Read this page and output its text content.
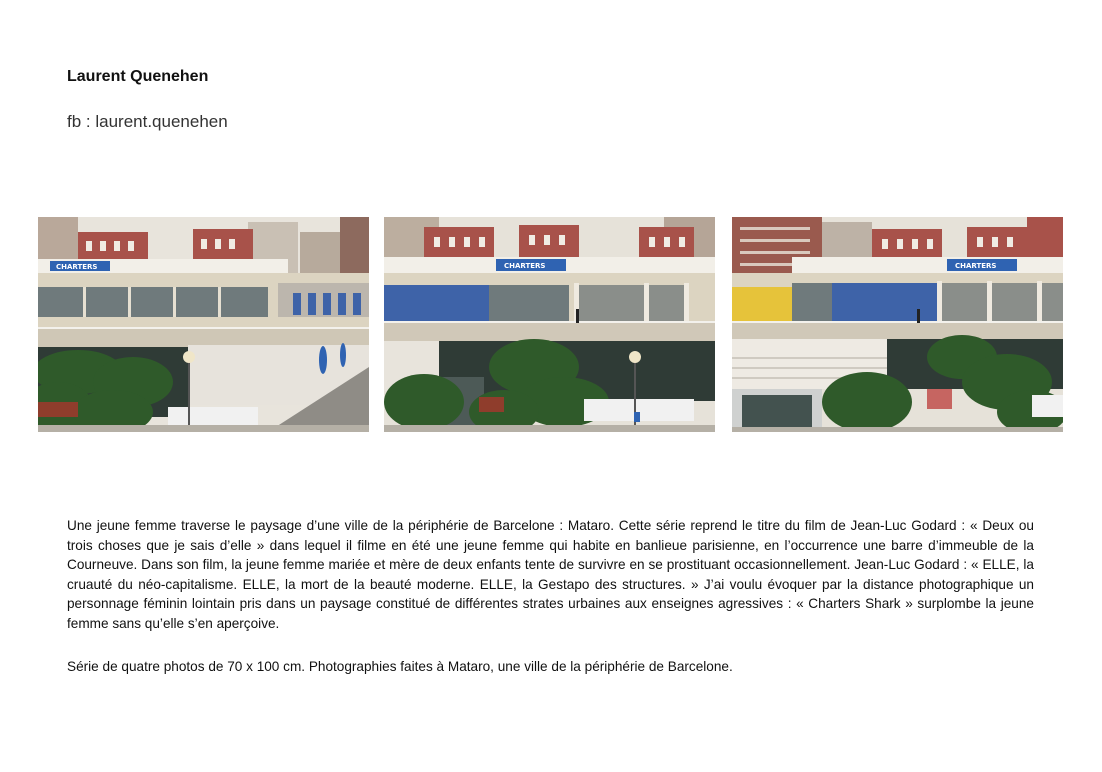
Laurent Quenehen

fb : laurent.quenehen

CHARTERS	CHARTERS	CHARTERS

Une jeune femme traverse le paysage d’une ville de la périphérie de Barcelone : Mataro. Cette série reprend le titre du film de Jean-Luc Godard : « Deux ou trois choses que je sais d’elle » dans lequel il filme en été une jeune femme qui habite en banlieue parisienne, en l’occurrence une barre d’immeuble de la Courneuve. Dans son film, la jeune femme mariée et mère de deux enfants tente de survivre en se prostituant occasionnellement. Jean-Luc Godard : « ELLE, la cruauté du néo-capitalisme. ELLE, la mort de la beauté moderne. ELLE, la Gestapo des structures. » J’ai voulu évoquer par la distance photographique un personnage féminin lointain pris dans un paysage constitué de différentes strates urbaines aux enseignes agressives : « Charters Shark » surplombe la jeune femme sans qu’elle s’en aperçoive.

Série de quatre photos de 70 x 100 cm. Photographies faites à Mataro, une ville de la périphérie de Barcelone.
